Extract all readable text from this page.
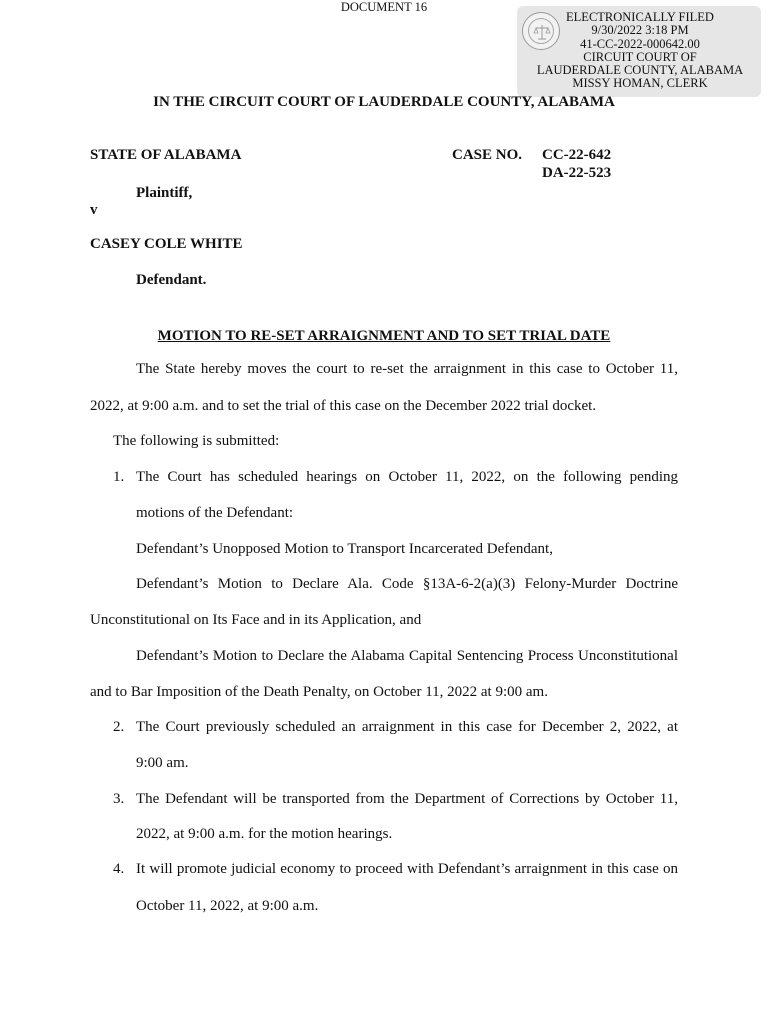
DOCUMENT 16
ELECTRONICALLY FILED
9/30/2022 3:18 PM
41-CC-2022-000642.00
CIRCUIT COURT OF
LAUDERDALE COUNTY, ALABAMA
MISSY HOMAN, CLERK
IN THE CIRCUIT COURT OF LAUDERDALE COUNTY, ALABAMA
STATE OF ALABAMA	CASE NO. CC-22-642
DA-22-523
Plaintiff,
v
CASEY COLE WHITE
Defendant.
MOTION TO RE-SET ARRAIGNMENT AND TO SET TRIAL DATE
The State hereby moves the court to re-set the arraignment in this case to October 11,
2022, at 9:00 a.m. and to set the trial of this case on the December 2022 trial docket.
The following is submitted:
1. The Court has scheduled hearings on October 11, 2022, on the following pending
motions of the Defendant:
Defendant’s Unopposed Motion to Transport Incarcerated Defendant,
Defendant’s Motion to Declare Ala. Code §13A-6-2(a)(3) Felony-Murder Doctrine
Unconstitutional on Its Face and in its Application, and
Defendant’s Motion to Declare the Alabama Capital Sentencing Process Unconstitutional
and to Bar Imposition of the Death Penalty, on October 11, 2022 at 9:00 am.
2. The Court previously scheduled an arraignment in this case for December 2, 2022, at
9:00 am.
3. The Defendant will be transported from the Department of Corrections by October 11,
2022, at 9:00 a.m. for the motion hearings.
4. It will promote judicial economy to proceed with Defendant’s arraignment in this case on
October 11, 2022, at 9:00 a.m.
